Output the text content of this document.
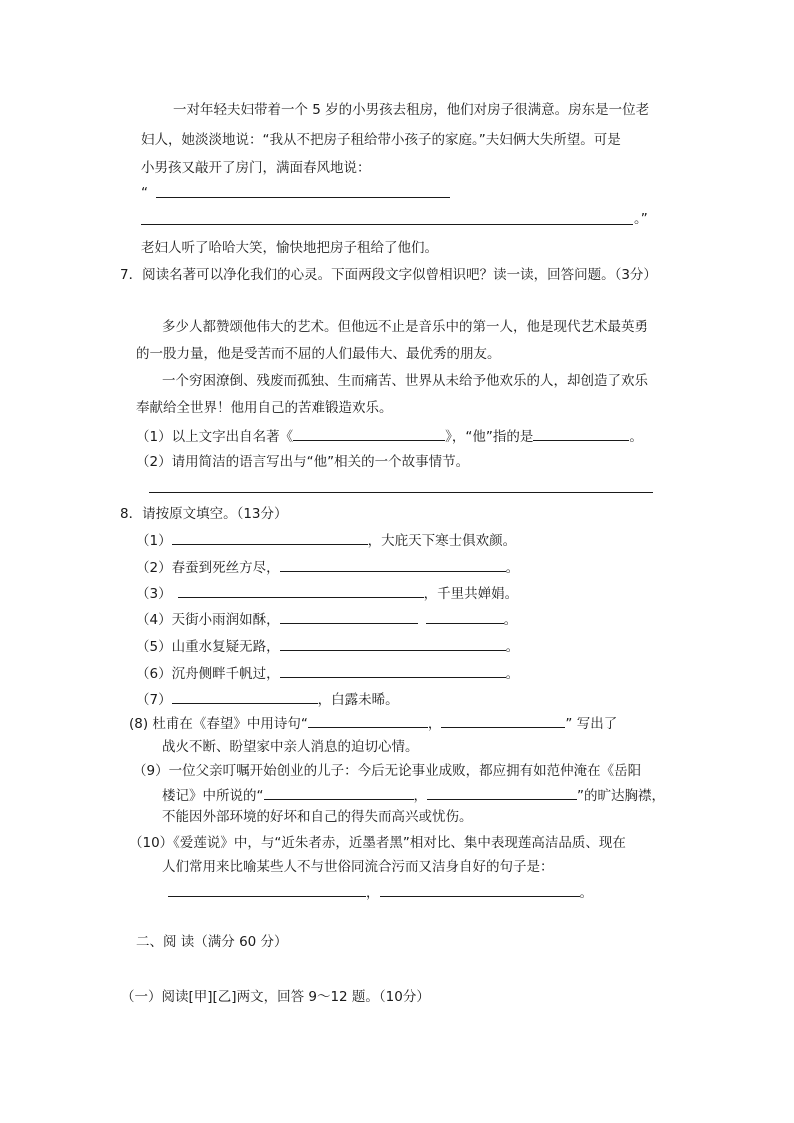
一对年轻夫妇带着一个 5 岁的小男孩去租房，他们对房子很满意。房东是一位老
妇人，她淡淡地说：“我从不把房子租给带小孩子的家庭。”夫妇俩大失所望。可是
小男孩又敲开了房门，满面春风地说：
“
。”
老妇人听了哈哈大笑，愉快地把房子租给了他们。
7．阅读名著可以净化我们的心灵。下面两段文字似曾相识吧？读一读，回答问题。（3分）
多少人都赞颂他伟大的艺术。但他远不止是音乐中的第一人，他是现代艺术最英勇
的一股力量，他是受苦而不屈的人们最伟大、最优秀的朋友。
一个穷困潦倒、残废而孤独、生而痛苦、世界从未给予他欢乐的人，却创造了欢乐
奉献给全世界！他用自己的苦难锻造欢乐。
（1）以上文字出自名著《	》，“他”指的是	。
（2）请用简洁的语言写出与“他”相关的一个故事情节。
8．请按原文填空。（13分）
（1）	，大庇天下寒士俱欢颜。
（2）春蚕到死丝方尽，	。
（3）	，千里共婵娟。
（4）天街小雨润如酥，	。
（5）山重水复疑无路，	。
（6）沉舟侧畔千帆过，	。
（7）	，白露未晞。
(8) 杜甫在《春望》中用诗句“	，	” 写出了
战火不断、盼望家中亲人消息的迫切心情。
（9）一位父亲叮嘱开始创业的儿子：今后无论事业成败，都应拥有如范仲淹在《岳阳
楼记》中所说的“	，	”的旷达胸襟，
不能因外部环境的好坏和自己的得失而高兴或忧伤。
（10）《爱莲说》中，与“近朱者赤，近墨者黑”相对比、集中表现莲高洁品质、现在
人们常用来比喻某些人不与世俗同流合污而又洁身自好的句子是：
，	。
二、阅 读（满分 60 分）
（一）阅读[甲][乙]两文，回答 9～12 题。（10分）
